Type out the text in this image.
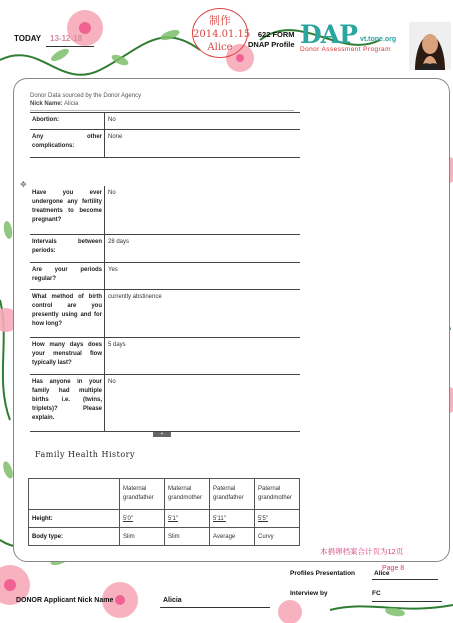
TODAY 13-12-18
制作
2014.01.15
Alice
622 FORM
DNAP Profile DAP vt.tone.org
Donor Assessment Program
Donor Data sourced by the Donor Agency
Nick Name: Alicia
Abortion:	No
Any other complications:	None
✥
Have you ever undergone any fertility treatments to become pregnant?	No
Intervals between periods:	28 days
Are your periods regular?	Yes
What method of birth control are you presently using and for how long?	currently abstinence
How many days does your menstrual flow typically last?	5 days
Has anyone in your family had multiple births i.e. (twins, triplets)? Please explain.	No
+
Family Health History
	Maternal grandfather	Maternal grandmother	Paternal grandfather	Paternal grandmother
Height:	5'0"	5'1"	5'11"	5'5"
Body type:	Slim	Slim	Average	Curvy
本捐卵档案合计页为12页
Page 8
Profiles Presentation	Alice
Interview by	FC
DONOR Applicant Nick Name	Alicia
